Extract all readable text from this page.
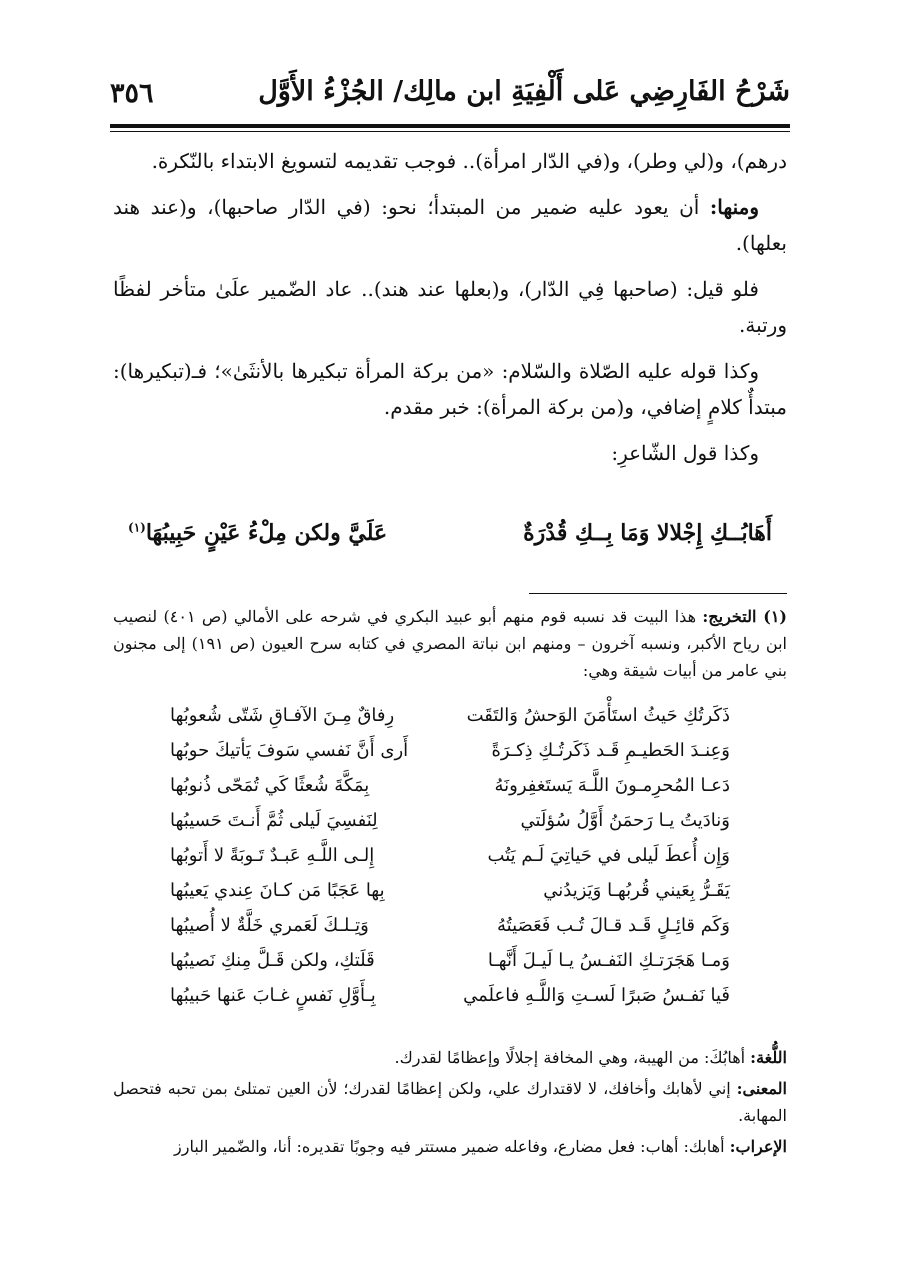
شَرْحُ الفَارِضِي عَلى أَلْفِيَةِ ابن مالِك/ الجُزْءُ الأَوَّل
٣٥٦

درهم)، و(لي وطر)، و(في الدّار امرأة).. فوجب تقديمه لتسويغ الابتداء بالنّكرة.

ومنها: أن يعود عليه ضمير من المبتدأ؛ نحو: (في الدّار صاحبها)، و(عند هند بعلها).

فلو قيل: (صاحبها فِي الدّار)، و(بعلها عند هند).. عاد الضّمير علَىٰ متأخر لفظًا ورتبة.

وكذا قوله عليه الصّلاة والسّلام: «من بركة المرأة تبكيرها بالأنثَىٰ»؛ فـ(تبكيرها): مبتدأٌ كلامٍ إضافي، و(من بركة المرأة): خبر مقدم.

وكذا قول الشّاعرِ:

أَهَابُــكِ إِجْلالا وَمَا بِــكِ قُدْرَةٌ
عَلَيَّ ولكن مِلْءُ عَيْنٍ حَبِيبُهَا$^{(١)}$

(١) التخريج: هذا البيت قد نسبه قوم منهم أبو عبيد البكري في شرحه على الأمالي (ص ٤٠١) لنصيب ابن رياح الأكبر، ونسبه آخرون – ومنهم ابن نباتة المصري في كتابه سرح العيون (ص ١٩١) إلى مجنون بني عامر من أبيات شيقة وهي:

ذَكَرتُكِ حَيثُ استَأْمَنَ الوَحشُ وَالتَقَت
رِفاقٌ مِـنَ الآفـاقِ شَتّى شُعوبُها
وَعِنـدَ الحَطيـمِ قَـد ذَكَرتُـكِ ذِكـرَةً
أَرى أَنَّ نَفسي سَوفَ يَأتيكَ حوبُها
دَعـا المُحرِمـونَ اللَّـهَ يَستَغفِرونَهُ
بِمَكَّةَ شُعثًا كَي تُمَحّى ذُنوبُها
وَنادَيتُ يـا رَحمَنُ أَوَّلُ سُؤلَتي
لِنَفسِيَ لَيلى ثُمَّ أَنـتَ حَسيبُها
وَإِن أُعطَ لَيلى في حَياتِيَ لَـم يَتُب
إِلـى اللَّـهِ عَبـدٌ تَـوبَةً لا أَتوبُها
يَقَـرُّ بِعَيني قُربُهـا وَيَزيدُني
بِها عَجَبًا مَن كـانَ عِندي يَعيبُها
وَكَم قائِـلٍ قَـد قـالَ تُـب فَعَصَيتُهُ
وَتِـلـكَ لَعَمري خَلَّةٌ لا أُصيبُها
وَمـا هَجَرَتـكِ النَفـسُ يـا لَيـلَ أَنَّهـا
قَلَتكِ، ولكن قَـلَّ مِنكِ نَصيبُها
فَيا نَفـسُ صَبرًا لَسـتِ وَاللَّـهِ فاعلَمي
بِـأَوَّلِ نَفسٍ غـابَ عَنها حَبيبُها

اللُّغة: أهابُكَ: من الهيبة، وهي المخافة إجلالًا وإعظامًا لقدرك.

المعنى: إني لأهابك وأخافك، لا لاقتدارك علي، ولكن إعظامًا لقدرك؛ لأن العين تمتلئ بمن تحبه فتحصل المهابة.

الإعراب: أهابك: أهاب: فعل مضارع، وفاعله ضمير مستتر فيه وجوبًا تقديره: أنا، والضّمير البارز
